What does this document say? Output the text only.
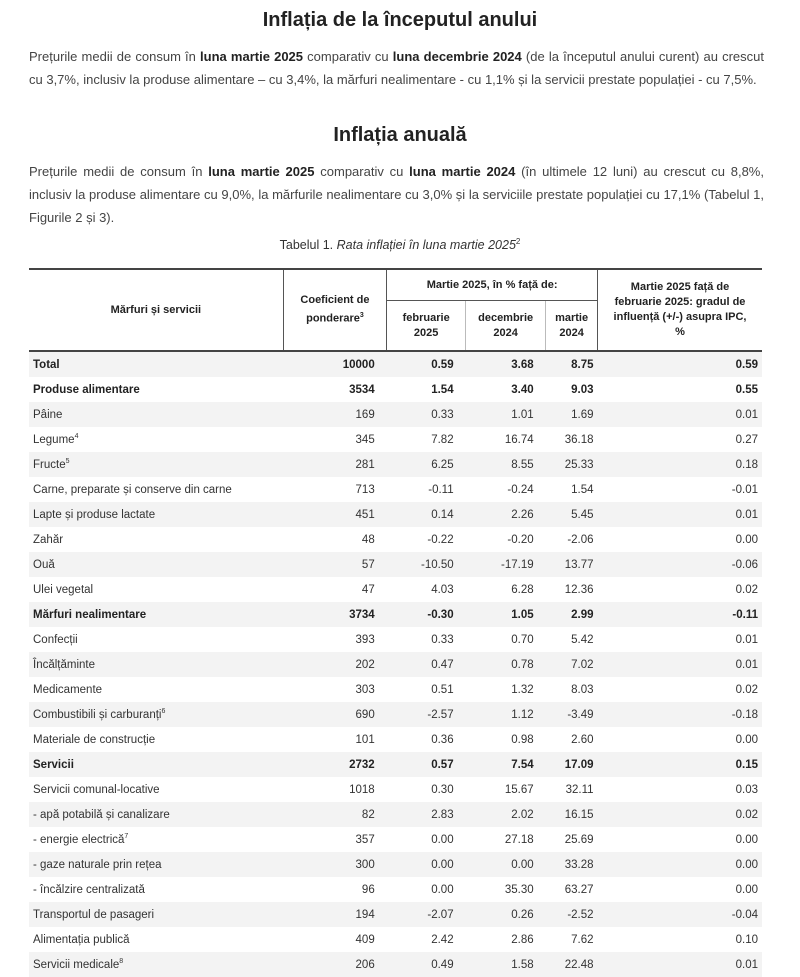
Inflația de la începutul anului

Prețurile medii de consum în luna martie 2025 comparativ cu luna decembrie 2024 (de la începutul anului curent) au crescut cu 3,7%, inclusiv la produse alimentare – cu 3,4%, la mărfuri nealimentare - cu 1,1% și la servicii prestate populației - cu 7,5%.

Inflația anuală

Prețurile medii de consum în luna martie 2025 comparativ cu luna martie 2024 (în ultimele 12 luni) au crescut cu 8,8%, inclusiv la produse alimentare cu 9,0%, la mărfurile nealimentare cu 3,0% și la serviciile prestate populației cu 17,1% (Tabelul 1, Figurile 2 și 3).

Tabelul 1. Rata inflației în luna martie 2025$^2$
Mărfuri și servicii	Coeficient de ponderare$^3$	Martie 2025, în % față de:			Martie 2025 față de februarie 2025: gradul de influență (+/-) asupra IPC, %
		februarie 2025	decembrie 2024	martie 2024	
Total	10000	0.59	3.68	8.75	0.59
Produse alimentare	3534	1.54	3.40	9.03	0.55
Pâine	169	0.33	1.01	1.69	0.01
Legume$^4$	345	7.82	16.74	36.18	0.27
Fructe$^5$	281	6.25	8.55	25.33	0.18
Carne, preparate și conserve din carne	713	-0.11	-0.24	1.54	-0.01
Lapte și produse lactate	451	0.14	2.26	5.45	0.01
Zahăr	48	-0.22	-0.20	-2.06	0.00
Ouă	57	-10.50	-17.19	13.77	-0.06
Ulei vegetal	47	4.03	6.28	12.36	0.02
Mărfuri nealimentare	3734	-0.30	1.05	2.99	-0.11
Confecții	393	0.33	0.70	5.42	0.01
Încălțăminte	202	0.47	0.78	7.02	0.01
Medicamente	303	0.51	1.32	8.03	0.02
Combustibili și carburanți$^6$	690	-2.57	1.12	-3.49	-0.18
Materiale de construcție	101	0.36	0.98	2.60	0.00
Servicii	2732	0.57	7.54	17.09	0.15
Servicii comunal-locative	1018	0.30	15.67	32.11	0.03
- apă potabilă și canalizare	82	2.83	2.02	16.15	0.02
- energie electrică$^7$	357	0.00	27.18	25.69	0.00
- gaze naturale prin rețea	300	0.00	0.00	33.28	0.00
- încălzire centralizată	96	0.00	35.30	63.27	0.00
Transportul de pasageri	194	-2.07	0.26	-2.52	-0.04
Alimentația publică	409	2.42	2.86	7.62	0.10
Servicii medicale$^8$	206	0.49	1.58	22.48	0.01
